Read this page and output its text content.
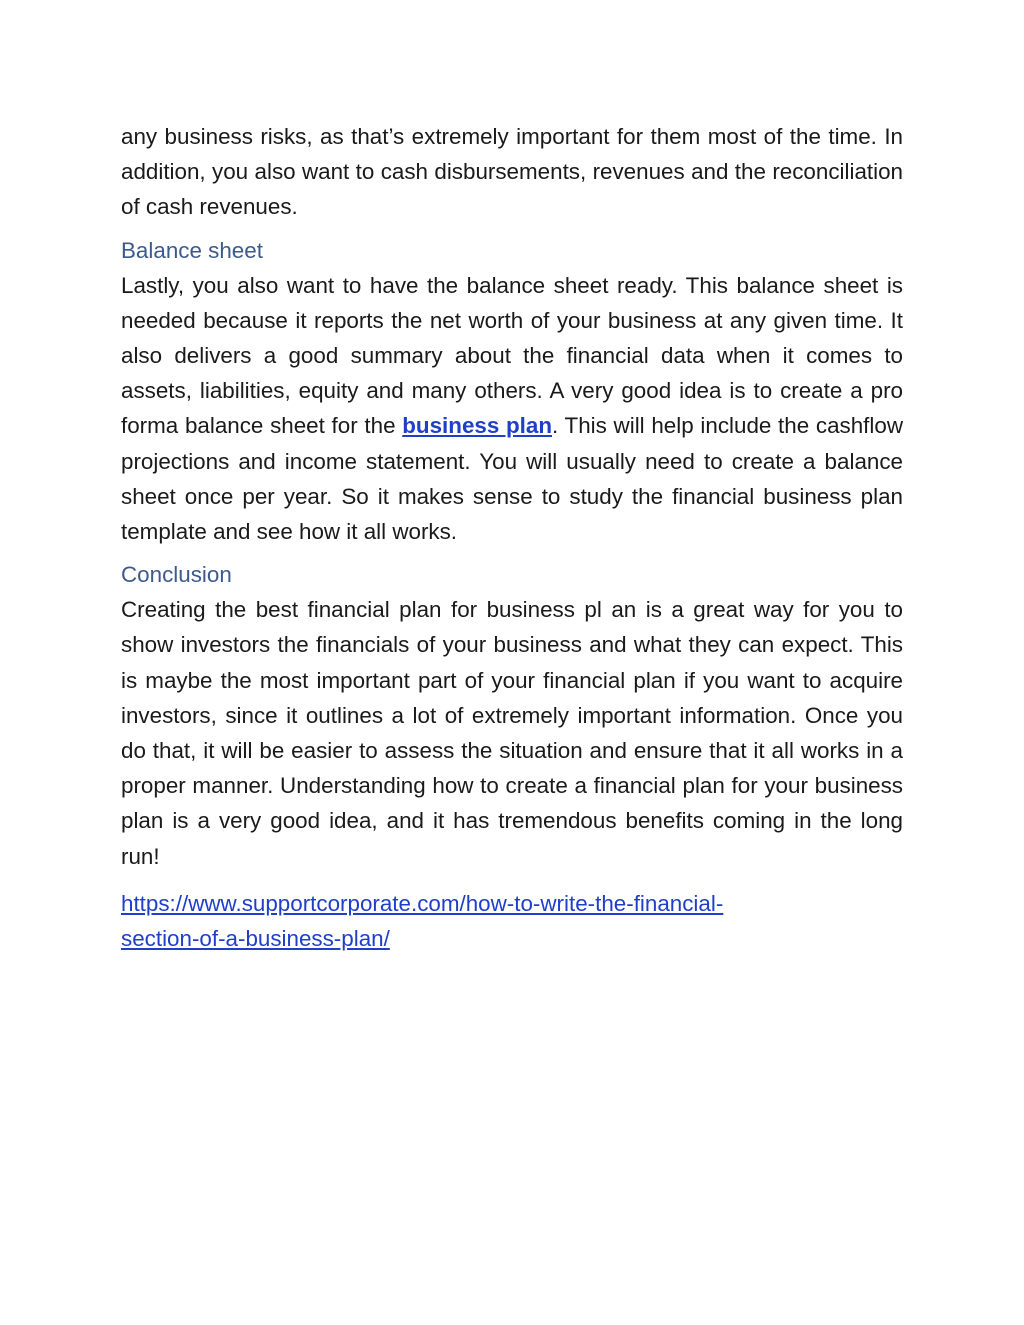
any business risks, as that’s extremely important for them most of the time. In addition, you also want to cash disbursements, revenues and the reconciliation of cash revenues.

Balance sheet

Lastly, you also want to have the balance sheet ready. This balance sheet is needed because it reports the net worth of your business at any given time. It also delivers a good summary about the financial data when it comes to assets, liabilities, equity and many others. A very good idea is to create a pro forma balance sheet for the business plan. This will help include the cashflow projections and income statement. You will usually need to create a balance sheet once per year. So it makes sense to study the financial business plan template and see how it all works.

Conclusion

Creating the best financial plan for business pl an is a great way for you to show investors the financials of your business and what they can expect. This is maybe the most important part of your financial plan if you want to acquire investors, since it outlines a lot of extremely important information. Once you do that, it will be easier to assess the situation and ensure that it all works in a proper manner. Understanding how to create a financial plan for your business plan is a very good idea, and it has tremendous benefits coming in the long run!

https://www.supportcorporate.com/how-to-write-the-financial-
section-of-a-business-plan/
